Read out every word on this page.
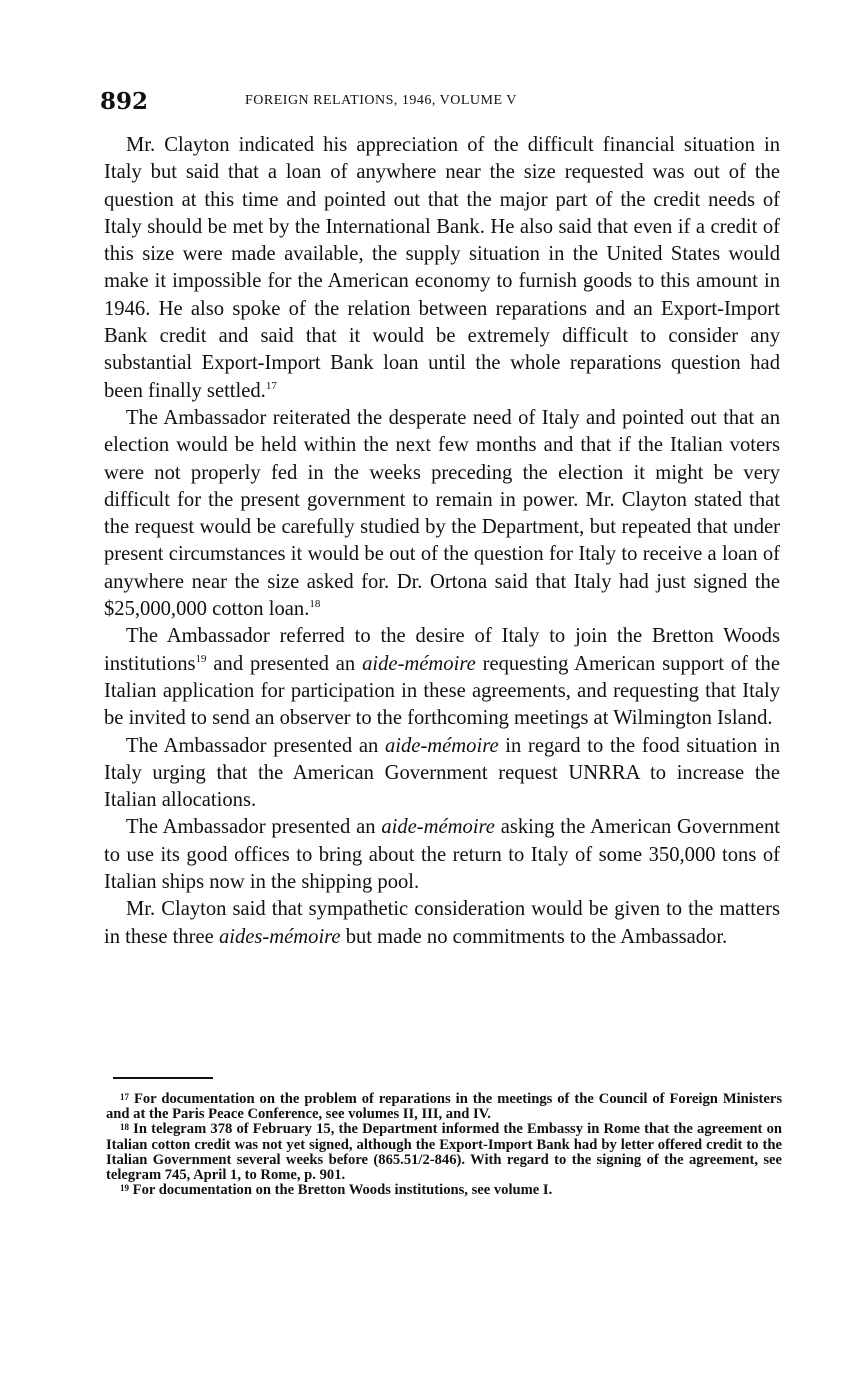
892	FOREIGN RELATIONS, 1946, VOLUME V

Mr. Clayton indicated his appreciation of the difficult financial situation in Italy but said that a loan of anywhere near the size requested was out of the question at this time and pointed out that the major part of the credit needs of Italy should be met by the International Bank. He also said that even if a credit of this size were made available, the supply situation in the United States would make it impossible for the American economy to furnish goods to this amount in 1946. He also spoke of the relation between reparations and an Export-Import Bank credit and said that it would be extremely difficult to consider any substantial Export-Import Bank loan until the whole reparations question had been finally settled.$^{17}$

The Ambassador reiterated the desperate need of Italy and pointed out that an election would be held within the next few months and that if the Italian voters were not properly fed in the weeks preceding the election it might be very difficult for the present government to remain in power. Mr. Clayton stated that the request would be carefully studied by the Department, but repeated that under present circumstances it would be out of the question for Italy to receive a loan of anywhere near the size asked for. Dr. Ortona said that Italy had just signed the $25,000,000 cotton loan.$^{18}$

The Ambassador referred to the desire of Italy to join the Bretton Woods institutions$^{19}$ and presented an aide-mémoire requesting American support of the Italian application for participation in these agreements, and requesting that Italy be invited to send an observer to the forthcoming meetings at Wilmington Island.

The Ambassador presented an aide-mémoire in regard to the food situation in Italy urging that the American Government request UNRRA to increase the Italian allocations.

The Ambassador presented an aide-mémoire asking the American Government to use its good offices to bring about the return to Italy of some 350,000 tons of Italian ships now in the shipping pool.

Mr. Clayton said that sympathetic consideration would be given to the matters in these three aides-mémoire but made no commitments to the Ambassador.

$^{17}$ For documentation on the problem of reparations in the meetings of the Council of Foreign Ministers and at the Paris Peace Conference, see volumes II, III, and IV.

$^{18}$ In telegram 378 of February 15, the Department informed the Embassy in Rome that the agreement on Italian cotton credit was not yet signed, although the Export-Import Bank had by letter offered credit to the Italian Government several weeks before (865.51/2-846). With regard to the signing of the agreement, see telegram 745, April 1, to Rome, p. 901.

$^{19}$ For documentation on the Bretton Woods institutions, see volume I.
